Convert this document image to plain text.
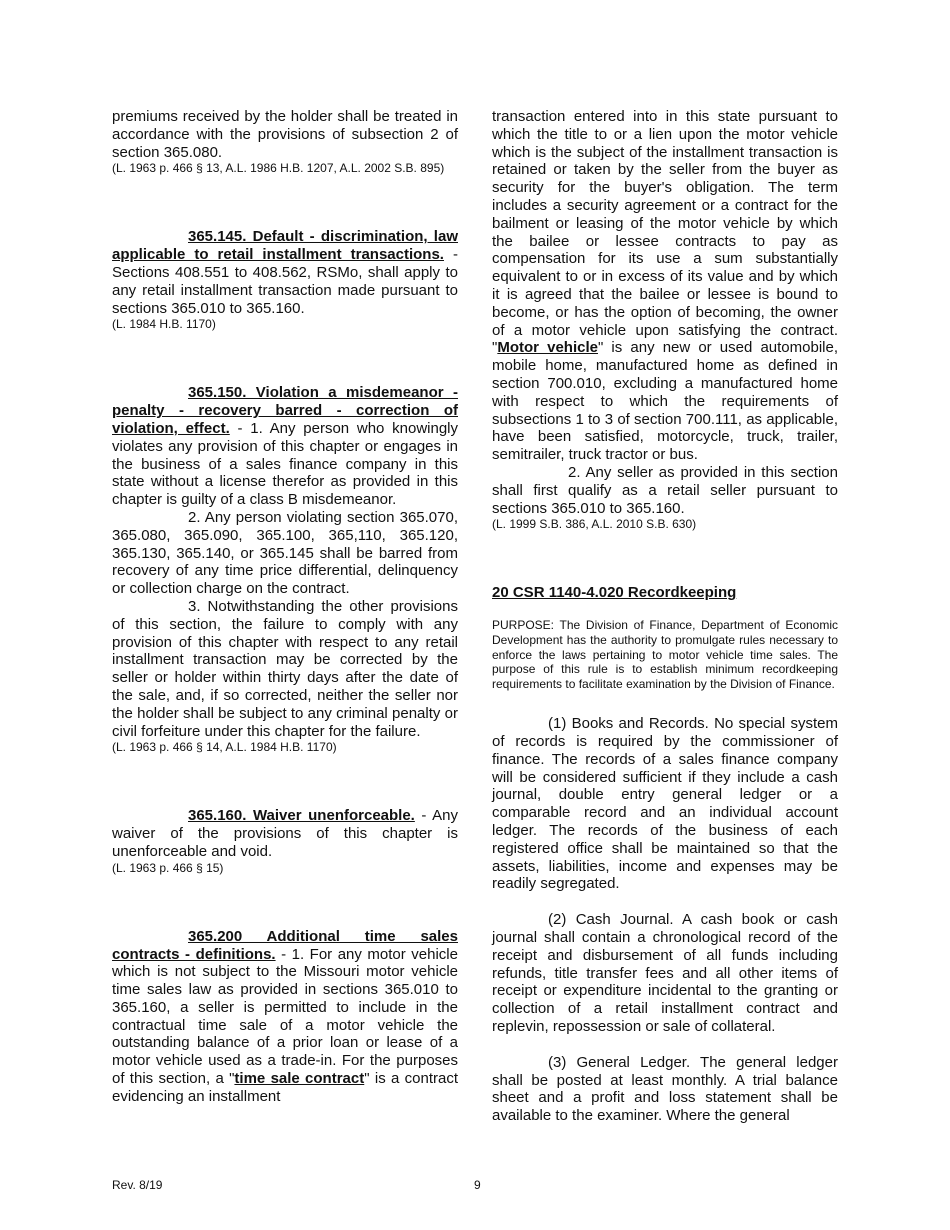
premiums received by the holder shall be treated in accordance with the provisions of subsection 2 of section 365.080.

(L. 1963 p. 466 § 13, A.L. 1986 H.B. 1207, A.L. 2002 S.B. 895)

365.145. Default - discrimination, law applicable to retail installment transactions. - Sections 408.551 to 408.562, RSMo, shall apply to any retail installment transaction made pursuant to sections 365.010 to 365.160.

(L. 1984 H.B. 1170)

365.150. Violation a misdemeanor - penalty - recovery barred - correction of violation, effect. - 1. Any person who knowingly violates any provision of this chapter or engages in the business of a sales finance company in this state without a license therefor as provided in this chapter is guilty of a class B misdemeanor.

2. Any person violating section 365.070, 365.080, 365.090, 365.100, 365,110, 365.120, 365.130, 365.140, or 365.145 shall be barred from recovery of any time price differential, delinquency or collection charge on the contract.

3. Notwithstanding the other provisions of this section, the failure to comply with any provision of this chapter with respect to any retail installment transaction may be corrected by the seller or holder within thirty days after the date of the sale, and, if so corrected, neither the seller nor the holder shall be subject to any criminal penalty or civil forfeiture under this chapter for the failure.

(L. 1963 p. 466 § 14, A.L. 1984 H.B. 1170)

365.160. Waiver unenforceable. - Any waiver of the provisions of this chapter is unenforceable and void.

(L. 1963 p. 466 § 15)

365.200 Additional time sales contracts - definitions. - 1. For any motor vehicle which is not subject to the Missouri motor vehicle time sales law as provided in sections 365.010 to 365.160, a seller is permitted to include in the contractual time sale of a motor vehicle the outstanding balance of a prior loan or lease of a motor vehicle used as a trade-in. For the purposes of this section, a "time sale contract" is a contract evidencing an installment

transaction entered into in this state pursuant to which the title to or a lien upon the motor vehicle which is the subject of the installment transaction is retained or taken by the seller from the buyer as security for the buyer's obligation. The term includes a security agreement or a contract for the bailment or leasing of the motor vehicle by which the bailee or lessee contracts to pay as compensation for its use a sum substantially equivalent to or in excess of its value and by which it is agreed that the bailee or lessee is bound to become, or has the option of becoming, the owner of a motor vehicle upon satisfying the contract. "Motor vehicle" is any new or used automobile, mobile home, manufactured home as defined in section 700.010, excluding a manufactured home with respect to which the requirements of subsections 1 to 3 of section 700.111, as applicable, have been satisfied, motorcycle, truck, trailer, semitrailer, truck tractor or bus.

2. Any seller as provided in this section shall first qualify as a retail seller pursuant to sections 365.010 to 365.160.

(L. 1999 S.B. 386, A.L. 2010 S.B. 630)

20 CSR 1140-4.020 Recordkeeping

PURPOSE: The Division of Finance, Department of Economic Development has the authority to promulgate rules necessary to enforce the laws pertaining to motor vehicle time sales. The purpose of this rule is to establish minimum recordkeeping requirements to facilitate examination by the Division of Finance.

(1) Books and Records. No special system of records is required by the commissioner of finance. The records of a sales finance company will be considered sufficient if they include a cash journal, double entry general ledger or a comparable record and an individual account ledger. The records of the business of each registered office shall be maintained so that the assets, liabilities, income and expenses may be readily segregated.

(2) Cash Journal. A cash book or cash journal shall contain a chronological record of the receipt and disbursement of all funds including refunds, title transfer fees and all other items of receipt or expenditure incidental to the granting or collection of a retail installment contract and replevin, repossession or sale of collateral.

(3) General Ledger. The general ledger shall be posted at least monthly. A trial balance sheet and a profit and loss statement shall be available to the examiner. Where the general

Rev. 8/19	9
